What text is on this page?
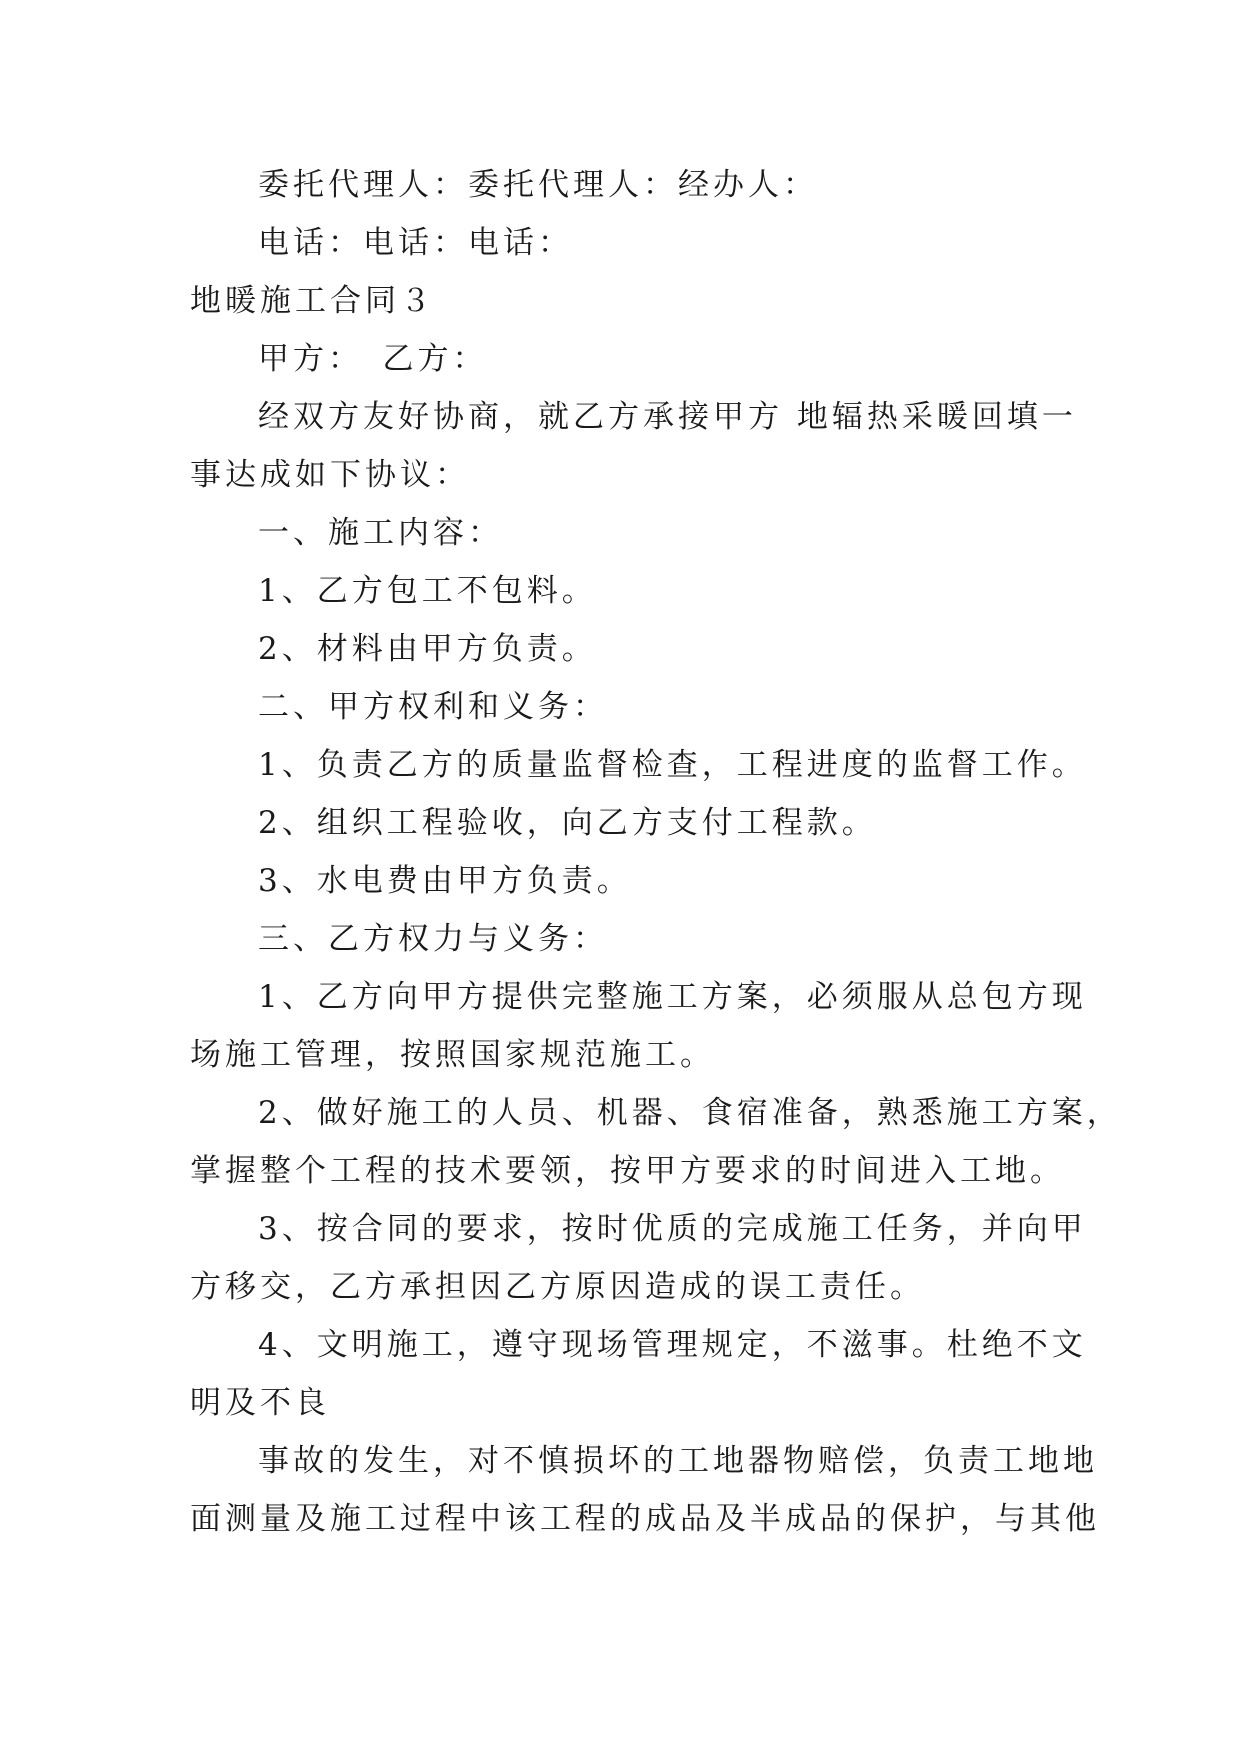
委托代理人：委托代理人：经办人：
电话：电话：电话：
地暖施工合同３
甲方：　乙方：
经双方友好协商，就乙方承接甲方 地辐热采暖回填一
事达成如下协议：
一、施工内容：
1、乙方包工不包料。
2、材料由甲方负责。
二、甲方权利和义务：
1、负责乙方的质量监督检查，工程进度的监督工作。
2、组织工程验收，向乙方支付工程款。
3、水电费由甲方负责。
三、乙方权力与义务：
1、乙方向甲方提供完整施工方案，必须服从总包方现
场施工管理，按照国家规范施工。
2、做好施工的人员、机器、食宿准备，熟悉施工方案，
掌握整个工程的技术要领，按甲方要求的时间进入工地。
3、按合同的要求，按时优质的完成施工任务，并向甲
方移交，乙方承担因乙方原因造成的误工责任。
4、文明施工，遵守现场管理规定，不滋事。杜绝不文
明及不良
事故的发生，对不慎损坏的工地器物赔偿，负责工地地
面测量及施工过程中该工程的成品及半成品的保护，与其他
